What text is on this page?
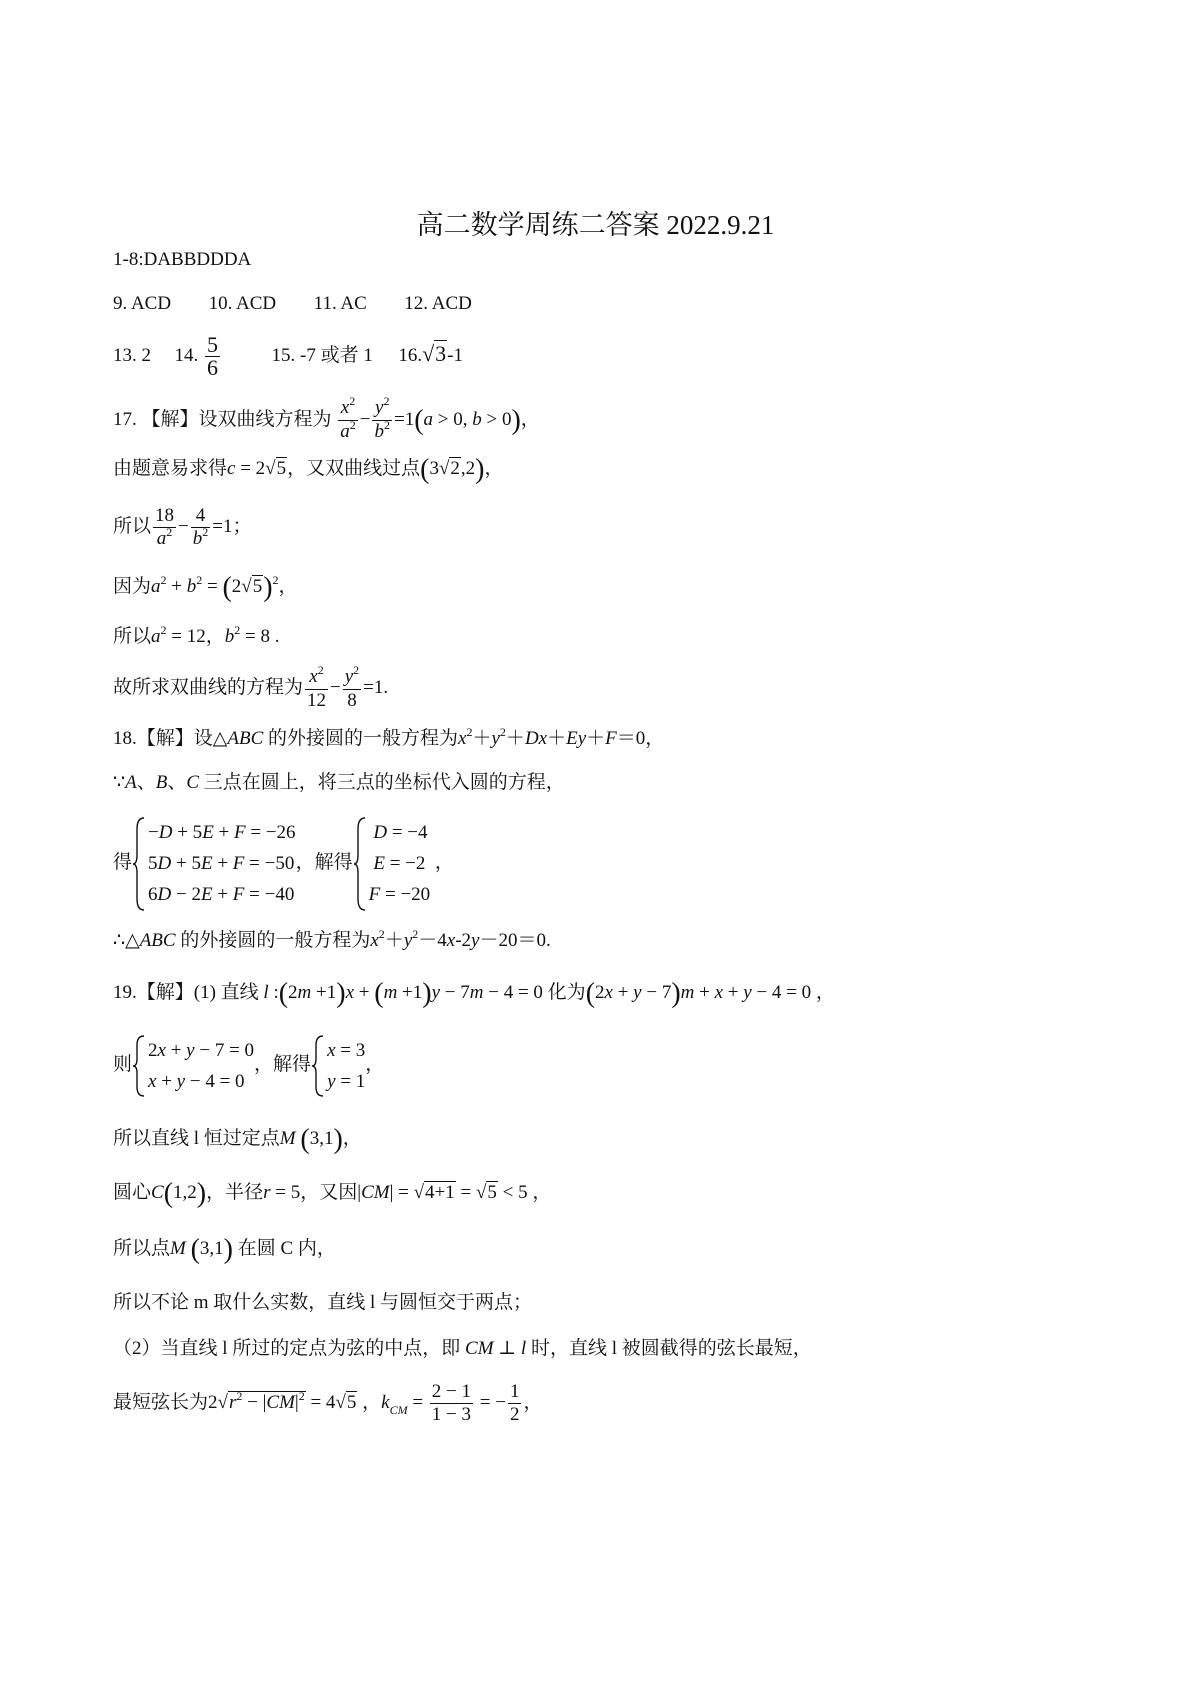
高二数学周练二答案 2022.9.21
1-8:DABBDDDA
9. ACD 10. ACD 11. AC 12. ACD
13. 2 14. $\frac{5}{6}$	15. -7 或者 1 16.√3-1
17. 【解】设双曲线方程为 $\frac{x^2}{a^2} - \frac{y^2}{b^2} =1(a > 0$, b > 0)，
由题意易求得c = 2√5，又双曲线过点(3√2,2)，
所以 $\frac{18}{a^2} - \frac{4}{b^2} =1$；
因为$a^2 + b^2 = (2√5)^2$，
所以$a^2 = 12$，$b^2 = 8$ .
故所求双曲线的方程为 $\frac{x^2}{12} - \frac{y^2}{8} =1$.
18.【解】设△ABC 的外接圆的一般方程为$x^2+y^2+Dx+Ey+F=0$，
∵A、B、C 三点在圆上，将三点的坐标代入圆的方程，
得
−D + 5E + F = −26
5D + 5E + F = −50
6D − 2E + F = −40
，解得
D = −4
E = −2
F = −20
，
∴△ABC 的外接圆的一般方程为$x^2+y^2-4x-2y-20=0$.
19.【解】(1) 直线 l :(2m +1)x + (m +1)y − 7m − 4 = 0 化为(2x + y − 7)m + x + y − 4 = 0 ，
则
2x + y − 7 = 0
x + y − 4 = 0
，解得
x = 3
y = 1
，
所以直线 l 恒过定点M (3,1)，
圆心C(1,2)，半径r = 5，又因|CM| = √4+1 = √5 < 5 ，
所以点M (3,1) 在圆 C 内，
所以不论 m 取什么实数，直线 l 与圆恒交于两点；
（2）当直线 l 所过的定点为弦的中点，即 CM ⊥ l 时，直线 l 被圆截得的弦长最短，
最短弦长为$2√r^2 - |CM|^2 = 4√5$ ，$k_{CM} = \frac{2 - 1}{1 - 3}$ = − $\frac{1}{2}$ ，
